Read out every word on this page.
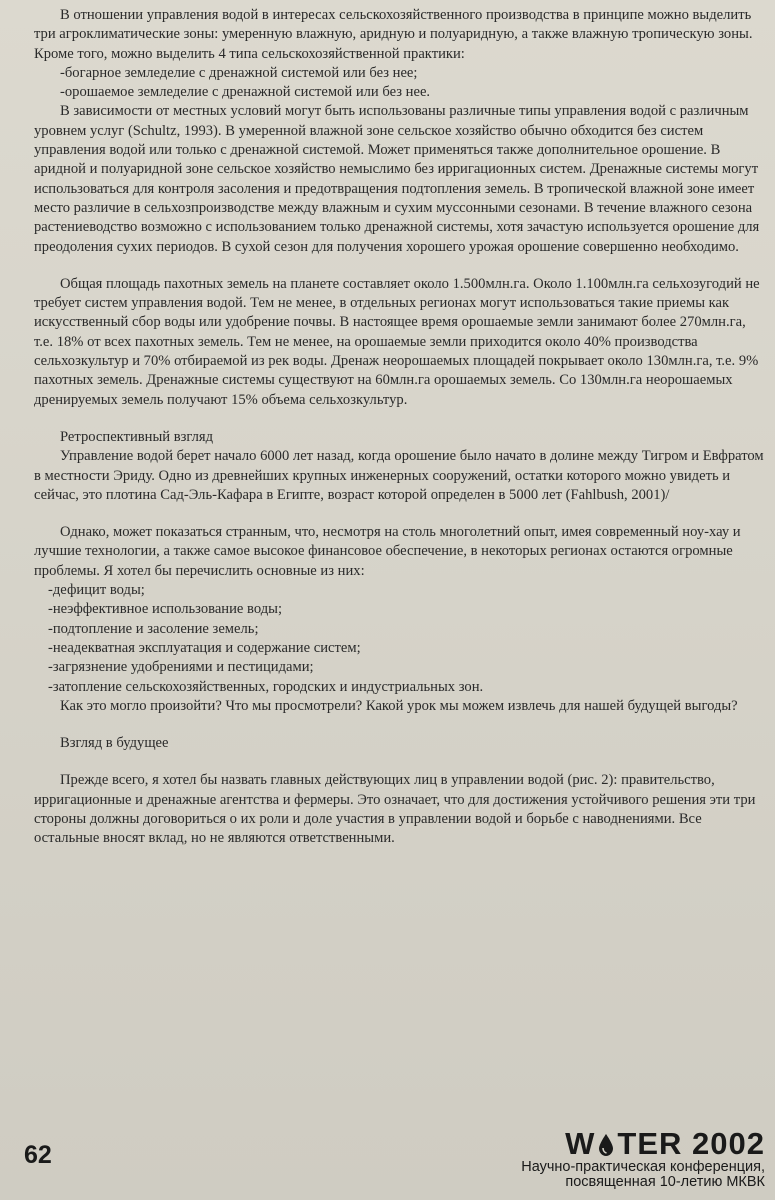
В отношении управления водой в интересах сельскохозяйственного производства в принципе можно выделить три агроклиматические зоны: умеренную влажную, аридную и полуаридную, а также влажную тропическую зоны. Кроме того, можно выделить 4 типа сельскохозяйственной практики:

-богарное земледелие с дренажной системой или без нее;

-орошаемое земледелие с дренажной системой или без нее.

В зависимости от местных условий могут быть использованы различные типы управления водой с различным уровнем услуг (Schultz, 1993). В умеренной влажной зоне сельское хозяйство обычно обходится без систем управления водой или только с дренажной системой. Может применяться также дополнительное орошение. В аридной и полуаридной зоне сельское хозяйство немыслимо без ирригационных систем. Дренажные системы могут использоваться для контроля засоления и предотвращения подтопления земель. В тропической влажной зоне имеет место различие в сельхозпроизводстве между влажным и сухим муссонными сезонами. В течение влажного сезона растениеводство возможно с использованием только дренажной системы, хотя зачастую используется орошение для преодоления сухих периодов. В сухой сезон для получения хорошего урожая орошение совершенно необходимо.

Общая площадь пахотных земель на планете составляет около 1.500млн.га. Около 1.100млн.га сельхозугодий не требует систем управления водой. Тем не менее, в отдельных регионах могут использоваться такие приемы как искусственный сбор воды или удобрение почвы. В настоящее время орошаемые земли занимают более 270млн.га, т.е. 18% от всех пахотных земель. Тем не менее, на орошаемые земли приходится около 40% производства сельхозкультур и 70% отбираемой из рек воды. Дренаж неорошаемых площадей покрывает около 130млн.га, т.е. 9% пахотных земель. Дренажные системы существуют на 60млн.га орошаемых земель. Со 130млн.га неорошаемых дренируемых земель получают 15% объема сельхозкультур.

Ретроспективный взгляд

Управление водой берет начало 6000 лет назад, когда орошение было начато в долине между Тигром и Евфратом в местности Эриду. Одно из древнейших крупных инженерных сооружений, остатки которого можно увидеть и сейчас, это плотина Сад-Эль-Кафара в Египте, возраст которой определен в 5000 лет (Fahlbush, 2001)/

Однако, может показаться странным, что, несмотря на столь многолетний опыт, имея современный ноу-хау и лучшие технологии, а также самое высокое финансовое обеспечение, в некоторых регионах остаются огромные проблемы. Я хотел бы перечислить основные из них:

-дефицит воды;

-неэффективное использование воды;

-подтопление и засоление земель;

-неадекватная эксплуатация и содержание систем;

-загрязнение удобрениями и пестицидами;

-затопление сельскохозяйственных, городских и индустриальных зон.

Как это могло произойти? Что мы просмотрели? Какой урок мы можем извлечь для нашей будущей выгоды?

Взгляд в будущее

Прежде всего, я хотел бы назвать главных действующих лиц в управлении водой (рис. 2): правительство, ирригационные и дренажные агентства и фермеры. Это означает, что для достижения устойчивого решения эти три стороны должны договориться о их роли и доле участия в управлении водой и борьбе с наводнениями. Все остальные вносят вклад, но не являются ответственными.

62	W TER 2002
Научно-практическая конференция,
посвященная 10-летию МКВК
